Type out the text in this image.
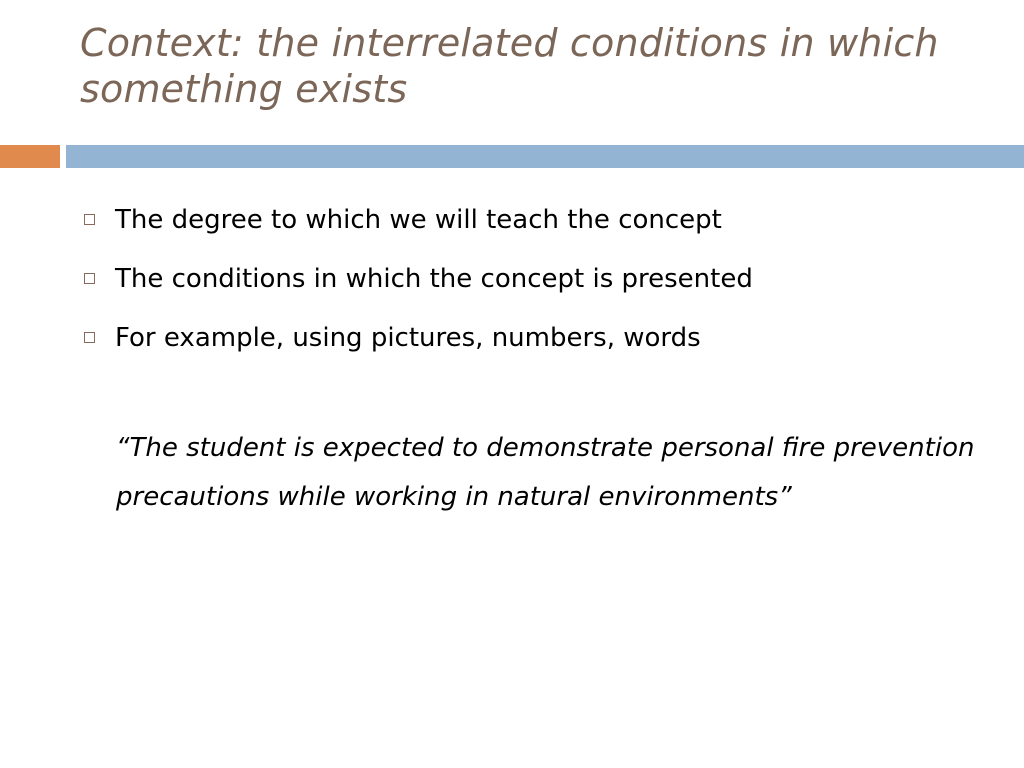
Context: the interrelated conditions in which something exists
The degree to which we will teach the concept
The conditions in which the concept is presented
For example, using pictures, numbers, words

“The student is expected to demonstrate personal fire prevention precautions while working in natural environments”
